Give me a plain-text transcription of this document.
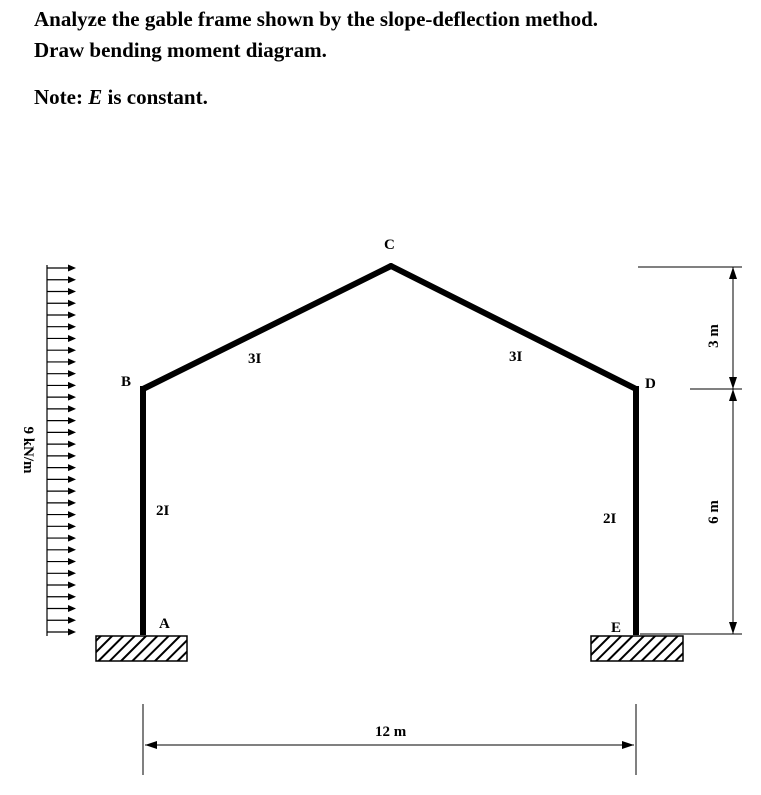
Analyze the gable frame shown by the slope-deflection method.

Draw bending moment diagram.

Note: E is constant.

A
B
C
D
E
2I
3I	3I
2I
12 m
3 m
6 m
9 kN/m
